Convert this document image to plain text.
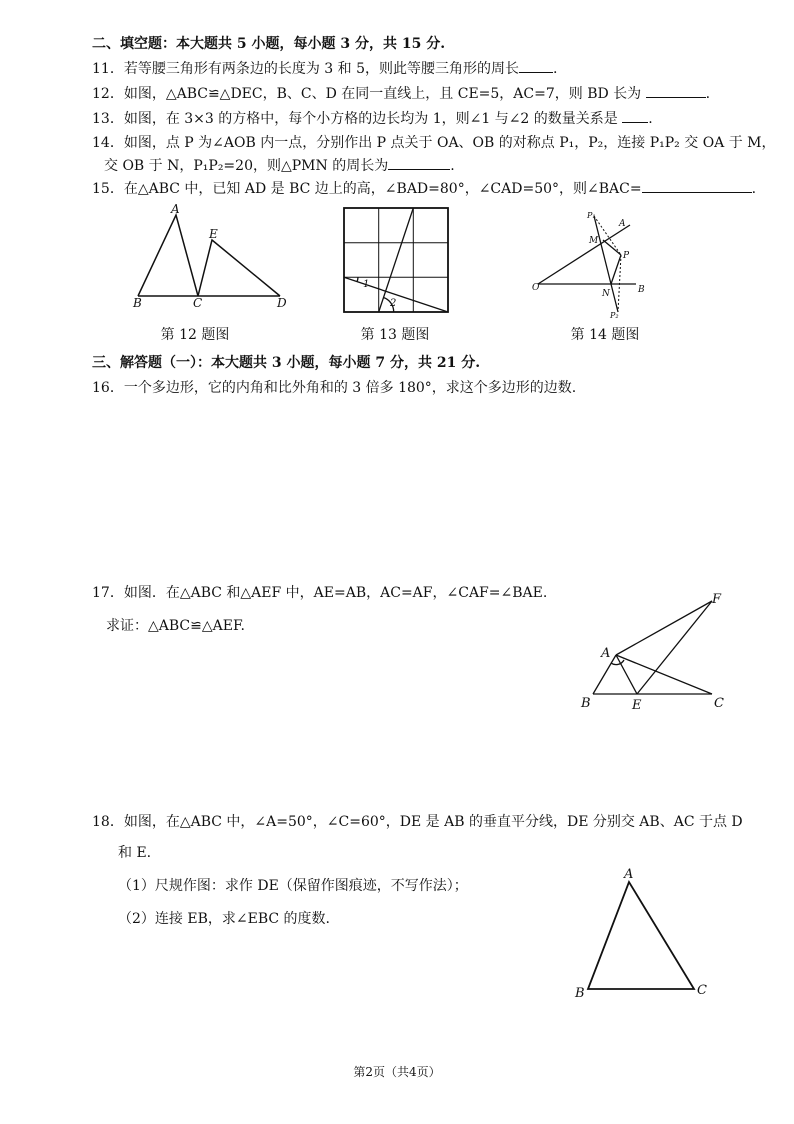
二、填空题：本大题共 5 小题，每小题 3 分，共 15 分.
11．若等腰三角形有两条边的长度为 3 和 5，则此等腰三角形的周长 .
12．如图，△ABC≌△DEC，B、C、D 在同一直线上，且 CE=5，AC=7，则 BD 长为	.
13．如图，在 3×3 的方格中，每个小方格的边长均为 1，则∠1 与∠2 的数量关系是 .
14．如图，点 P 为∠AOB 内一点，分别作出 P 点关于 OA、OB 的对称点 P₁，P₂，连接 P₁P₂ 交 OA 于 M，
交 OB 于 N，P₁P₂=20，则△PMN 的周长为	.
15．在△ABC 中，已知 AD 是 BC 边上的高，∠BAD=80°，∠CAD=50°，则∠BAC=	.
A
B	C	D
E
第 12 题图
1
2
第 13 题图
P₁
A
M
P
O
N	B
P₂
第 14 题图
三、解答题（一）：本大题共 3 小题，每小题 7 分，共 21 分.
16．一个多边形，它的内角和比外角和的 3 倍多 180°，求这个多边形的边数.
17．如图．在△ABC 和△AEF 中，AE=AB，AC=AF，∠CAF=∠BAE.
求证：△ABC≌△AEF.
F
A
B	E	C
18．如图，在△ABC 中，∠A=50°，∠C=60°，DE 是 AB 的垂直平分线，DE 分别交 AB、AC 于点 D
和 E.
（1）尺规作图：求作 DE（保留作图痕迹，不写作法）；
（2）连接 EB，求∠EBC 的度数.
A
B	C
第2页（共4页）
